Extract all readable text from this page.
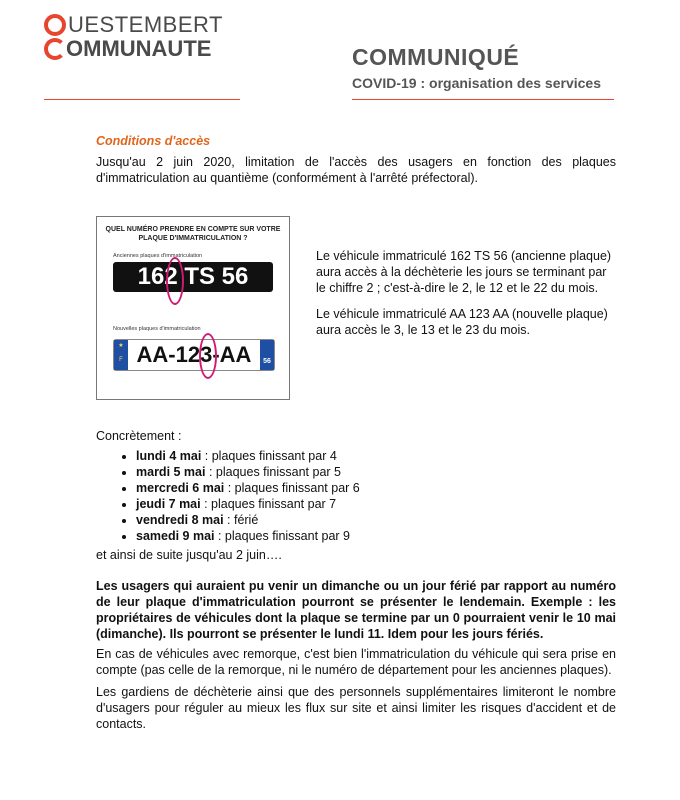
UESTEMBERT
OMMUNAUTE	COMMUNIQUÉ
COVID-19 : organisation des services
Conditions d'accès
Jusqu'au 2 juin 2020, limitation de l'accès des usagers en fonction des plaques d'immatriculation au quantième (conformément à l'arrêté préfectoral).
QUEL NUMÉRO PRENDRE EN COMPTE SUR VOTRE PLAQUE D'IMMATRICULATION ?
Anciennes plaques d'immatriculation
162 TS 56
Nouvelles plaques d'immatriculation
★
F AA-123-AA	56
Le véhicule immatriculé 162 TS 56 (ancienne plaque) aura accès à la déchèterie les jours se terminant par le chiffre 2 ; c'est-à-dire le 2, le 12 et le 22 du mois.
Le véhicule immatriculé AA 123 AA (nouvelle plaque) aura accès le 3, le 13 et le 23 du mois.
Concrètement :
• lundi 4 mai : plaques finissant par 4
• mardi 5 mai : plaques finissant par 5
• mercredi 6 mai : plaques finissant par 6
• jeudi 7 mai : plaques finissant par 7
• vendredi 8 mai : férié
• samedi 9 mai : plaques finissant par 9
et ainsi de suite jusqu'au 2 juin….
Les usagers qui auraient pu venir un dimanche ou un jour férié par rapport au numéro de leur plaque d'immatriculation pourront se présenter le lendemain. Exemple : les propriétaires de véhicules dont la plaque se termine par un 0 pourraient venir le 10 mai (dimanche). Ils pourront se présenter le lundi 11. Idem pour les jours fériés.
En cas de véhicules avec remorque, c'est bien l'immatriculation du véhicule qui sera prise en compte (pas celle de la remorque, ni le numéro de département pour les anciennes plaques).
Les gardiens de déchèterie ainsi que des personnels supplémentaires limiteront le nombre d'usagers pour réguler au mieux les flux sur site et ainsi limiter les risques d'accident et de contacts.
